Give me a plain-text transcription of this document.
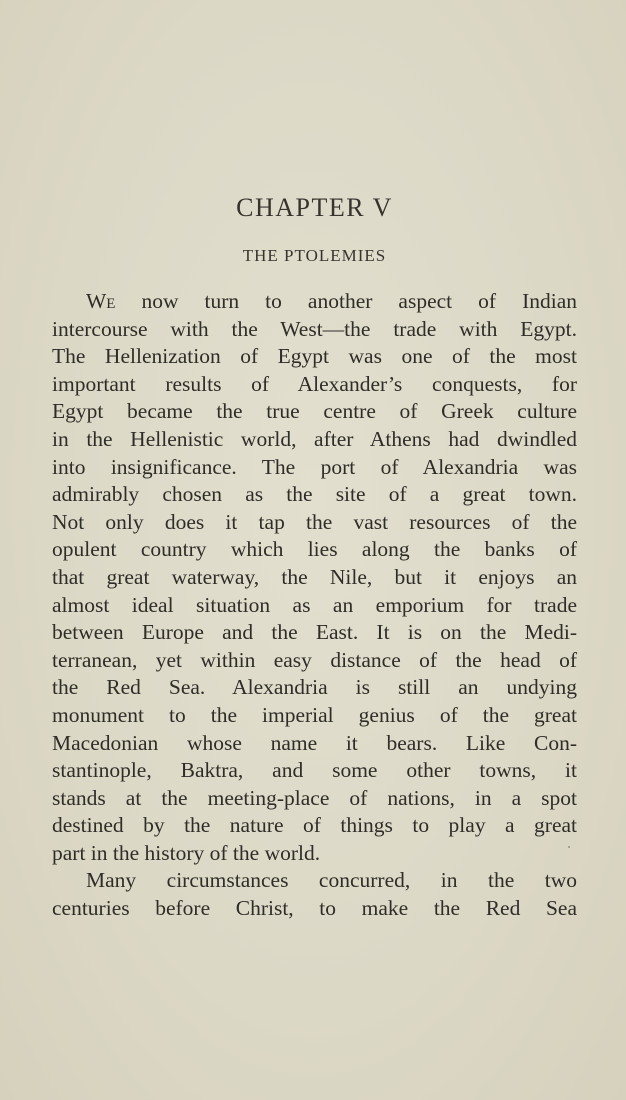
CHAPTER V
THE PTOLEMIES
We now turn to another aspect of Indian
intercourse with the West—the trade with Egypt.
The Hellenization of Egypt was one of the most
important results of Alexander’s conquests, for
Egypt became the true centre of Greek culture
in the Hellenistic world, after Athens had dwindled
into insignificance. The port of Alexandria was
admirably chosen as the site of a great town.
Not only does it tap the vast resources of the
opulent country which lies along the banks of
that great waterway, the Nile, but it enjoys an
almost ideal situation as an emporium for trade
between Europe and the East. It is on the Medi-
terranean, yet within easy distance of the head of
the Red Sea. Alexandria is still an undying
monument to the imperial genius of the great
Macedonian whose name it bears. Like Con-
stantinople, Baktra, and some other towns, it
stands at the meeting-place of nations, in a spot
destined by the nature of things to play a great
part in the history of the world.
Many circumstances concurred, in the two
centuries before Christ, to make the Red Sea
